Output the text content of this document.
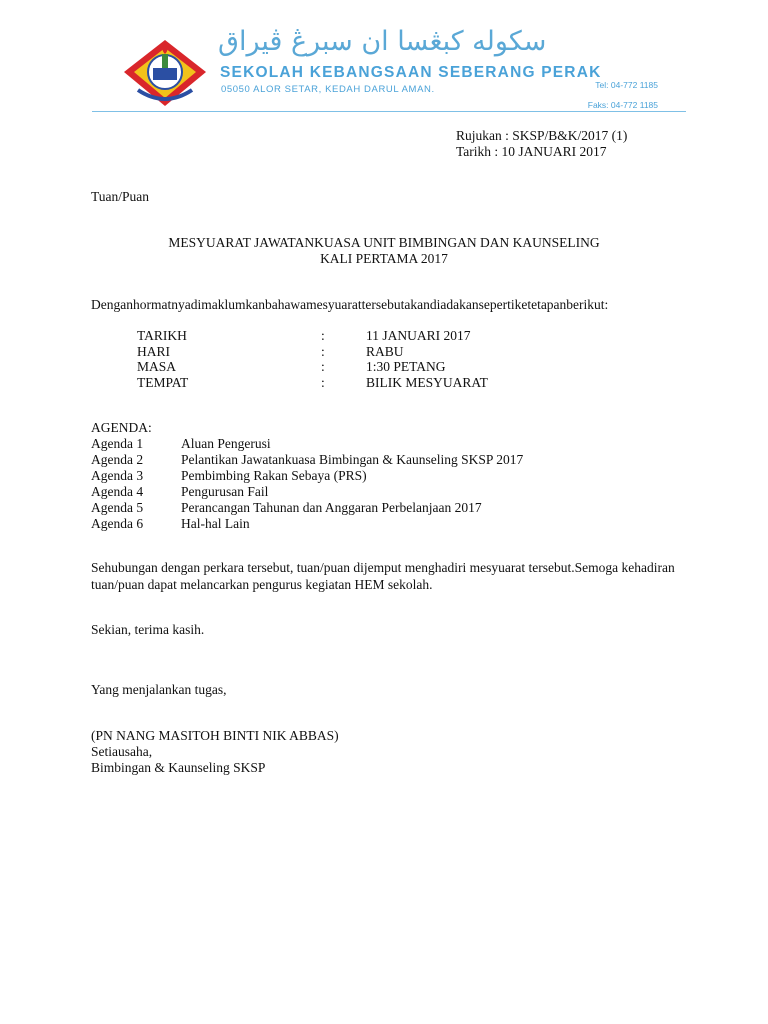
سكوله كبڠسا ان سبرڠ ڤيراق
SEKOLAH KEBANGSAAN SEBERANG PERAK
05050 ALOR SETAR, KEDAH DARUL AMAN.	Tel: 04-772 1185
Faks: 04-772 1185
Rujukan : SKSP/B&K/2017 (1)
Tarikh : 10 JANUARI 2017
Tuan/Puan
MESYUARAT JAWATANKUASA UNIT BIMBINGAN DAN KAUNSELING
KALI PERTAMA 2017
Denganhormatnyadimaklumkanbahawamesyuarattersebutakandiadakansepertiketetapanberikut:
TARIKH	:	11 JANUARI 2017
HARI	:	RABU
MASA	:	1:30 PETANG
TEMPAT	:	BILIK MESYUARAT
AGENDA:
Agenda 1	Aluan Pengerusi
Agenda 2	Pelantikan Jawatankuasa Bimbingan & Kaunseling SKSP 2017
Agenda 3	Pembimbing Rakan Sebaya (PRS)
Agenda 4	Pengurusan Fail
Agenda 5	Perancangan Tahunan dan Anggaran Perbelanjaan 2017
Agenda 6	Hal-hal Lain
Sehubungan dengan perkara tersebut, tuan/puan dijemput menghadiri mesyuarat tersebut.Semoga kehadiran tuan/puan dapat melancarkan pengurus kegiatan HEM sekolah.
Sekian, terima kasih.
Yang menjalankan tugas,
(PN NANG MASITOH BINTI NIK ABBAS)
Setiausaha,
Bimbingan & Kaunseling SKSP
